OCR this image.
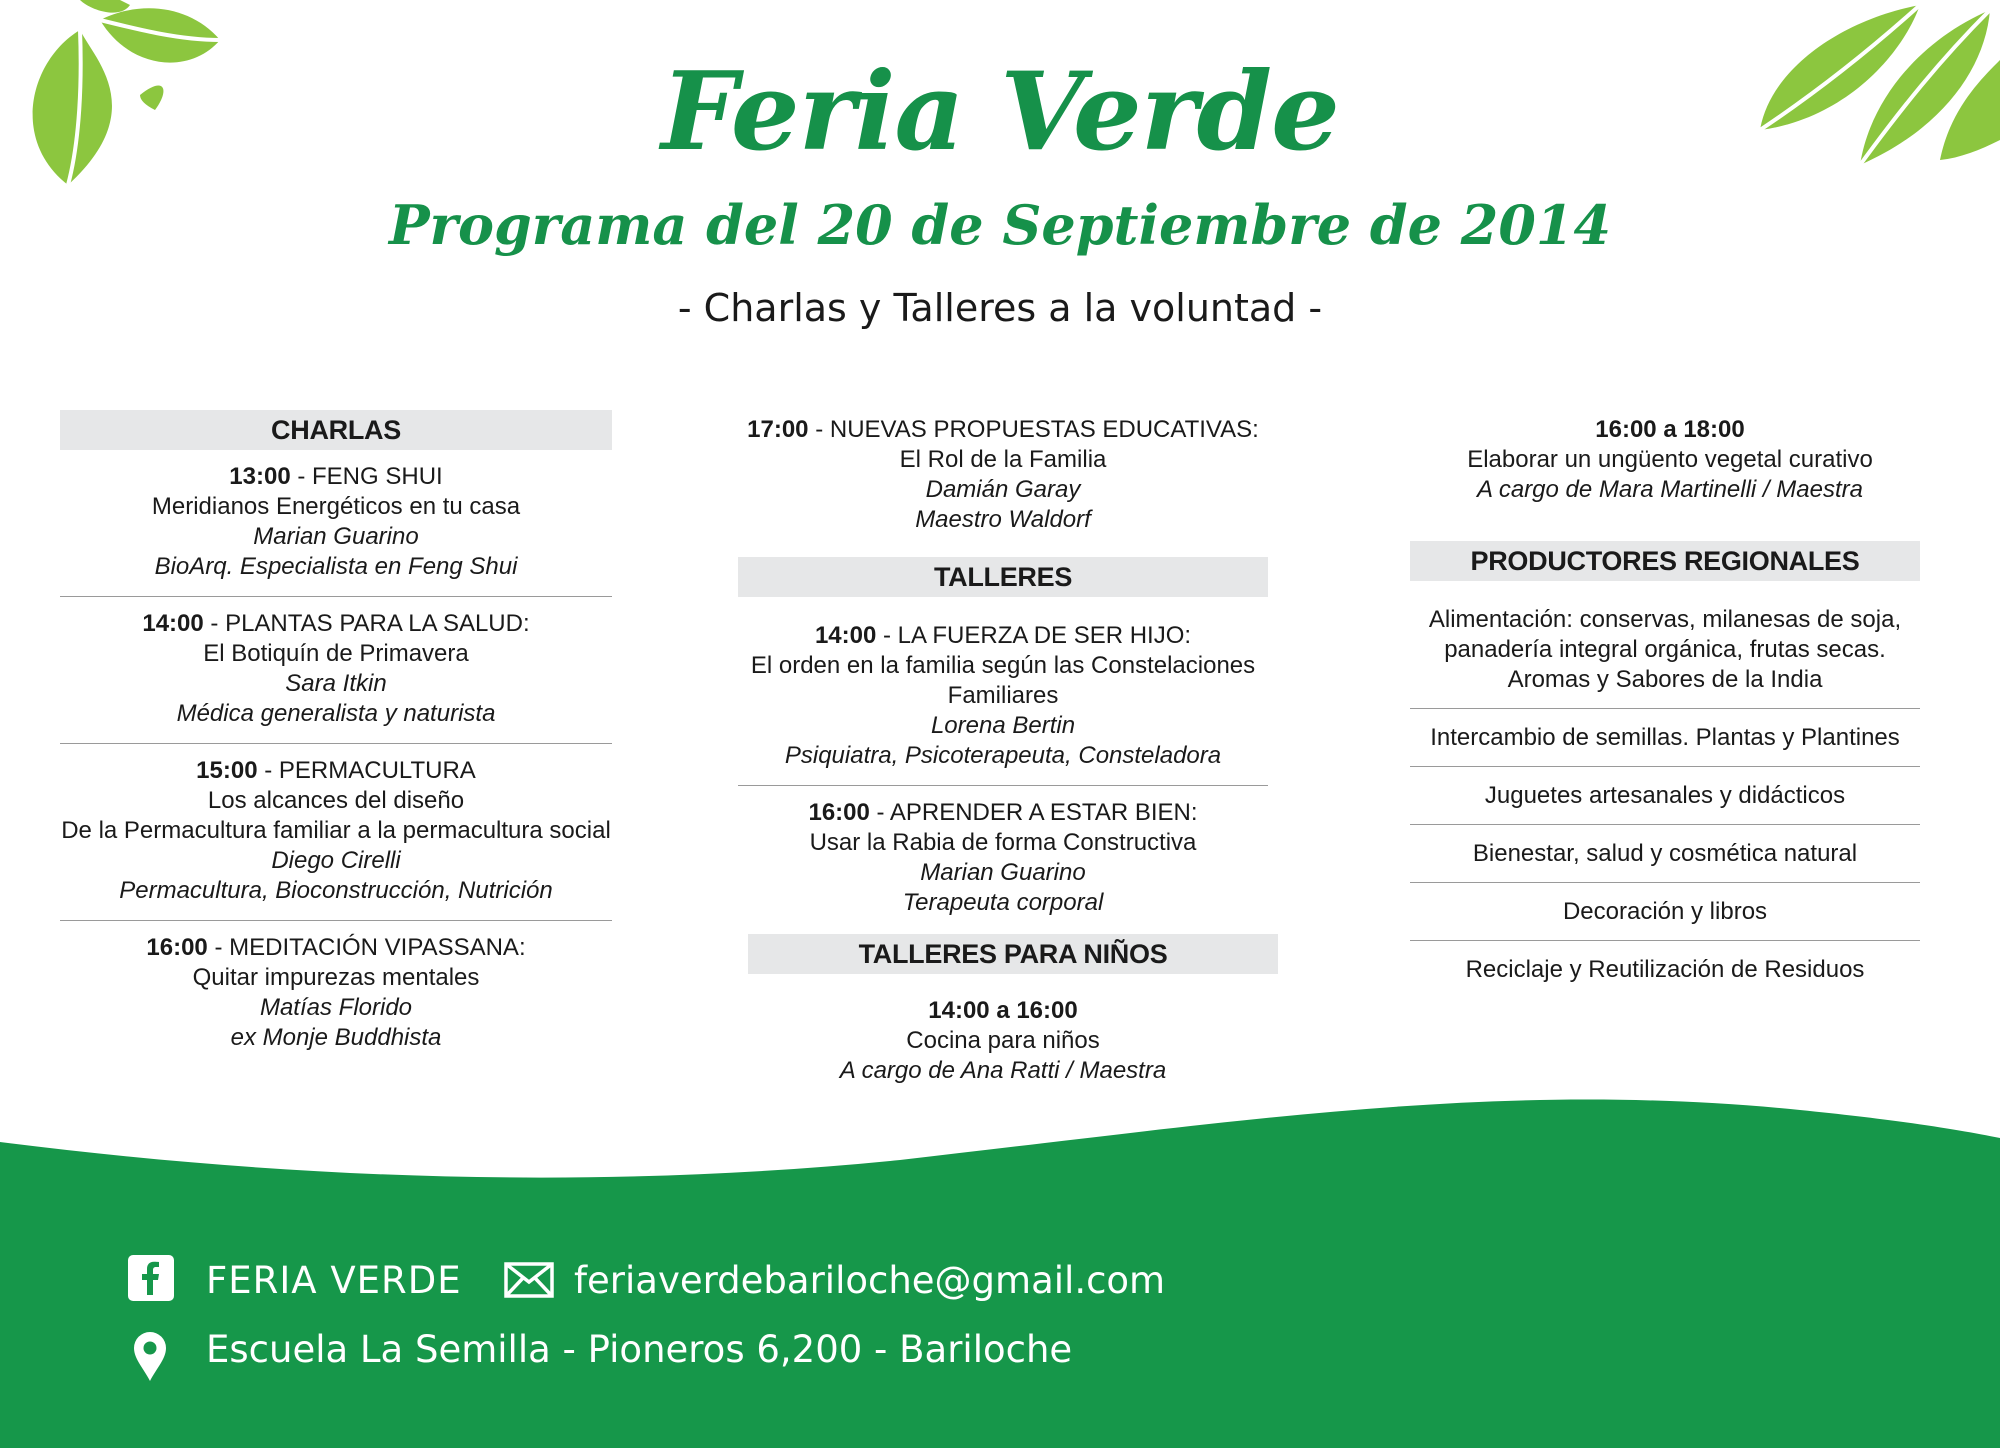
Feria Verde
Programa del 20 de Septiembre de 2014
- Charlas y Talleres a la voluntad -
CHARLAS
13:00 - FENG SHUI
Meridianos Energéticos en tu casa
Marian Guarino
BioArq. Especialista en Feng Shui
14:00 - PLANTAS PARA LA SALUD:
El Botiquín de Primavera
Sara Itkin
Médica generalista y naturista
15:00 - PERMACULTURA
Los alcances del diseño
De la Permacultura familiar a la permacultura social
Diego Cirelli
Permacultura, Bioconstrucción, Nutrición
16:00 - MEDITACIÓN VIPASSANA:
Quitar impurezas mentales
Matías Florido
ex Monje Buddhista
17:00 - NUEVAS PROPUESTAS EDUCATIVAS:
El Rol de la Familia
Damián Garay
Maestro Waldorf
TALLERES
14:00 - LA FUERZA DE SER HIJO:
El orden en la familia según las Constelaciones Familiares
Lorena Bertin
Psiquiatra, Psicoterapeuta, Consteladora
16:00 - APRENDER A ESTAR BIEN:
Usar la Rabia de forma Constructiva
Marian Guarino
Terapeuta corporal
TALLERES PARA NIÑOS
14:00 a 16:00
Cocina para niños
A cargo de Ana Ratti / Maestra
16:00 a 18:00
Elaborar un ungüento vegetal curativo
A cargo de Mara Martinelli / Maestra
PRODUCTORES REGIONALES
Alimentación: conservas, milanesas de soja,
panadería integral orgánica, frutas secas.
Aromas y Sabores de la India
Intercambio de semillas. Plantas y Plantines
Juguetes artesanales y didácticos
Bienestar, salud y cosmética natural
Decoración y libros
Reciclaje y Reutilización de Residuos
FERIA VERDE	feriaverdebariloche@gmail.com
Escuela La Semilla - Pioneros 6,200 - Bariloche
